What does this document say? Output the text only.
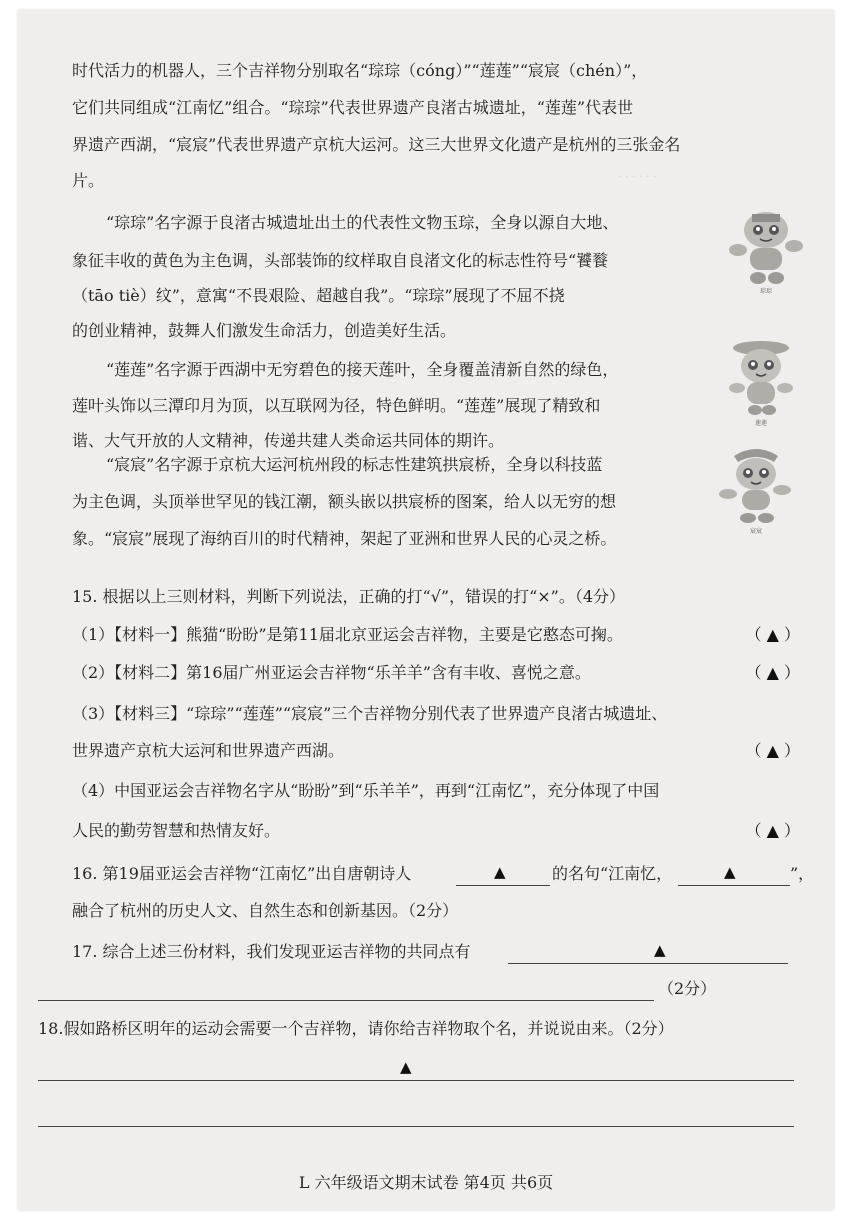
· · · · · ·
时代活力的机器人，三个吉祥物分别取名“琮琮（cóng）”“莲莲”“宸宸（chén）”，
它们共同组成“江南忆”组合。“琮琮”代表世界遗产良渚古城遗址，“莲莲”代表世
界遗产西湖，“宸宸”代表世界遗产京杭大运河。这三大世界文化遗产是杭州的三张金名
片。
“琮琮”名字源于良渚古城遗址出土的代表性文物玉琮，全身以源自大地、
象征丰收的黄色为主色调，头部装饰的纹样取自良渚文化的标志性符号“饕餮
（tāo tiè）纹”，意寓“不畏艰险、超越自我”。“琮琮”展现了不屈不挠
的创业精神，鼓舞人们激发生命活力，创造美好生活。
琮琮
“莲莲”名字源于西湖中无穷碧色的接天莲叶，全身覆盖清新自然的绿色，
莲叶头饰以三潭印月为顶，以互联网为径，特色鲜明。“莲莲”展现了精致和
谐、大气开放的人文精神，传递共建人类命运共同体的期许。
莲莲
“宸宸”名字源于京杭大运河杭州段的标志性建筑拱宸桥，全身以科技蓝
为主色调，头顶举世罕见的钱江潮，额头嵌以拱宸桥的图案，给人以无穷的想
象。“宸宸”展现了海纳百川的时代精神，架起了亚洲和世界人民的心灵之桥。	宸宸
15. 根据以上三则材料，判断下列说法，正确的打“√”，错误的打“×”。（4分）
（1）【材料一】熊猫“盼盼”是第11届北京亚运会吉祥物，主要是它憨态可掬。	（ ▲ ）
（2）【材料二】第16届广州亚运会吉祥物“乐羊羊”含有丰收、喜悦之意。	（ ▲ ）
（3）【材料三】“琮琮”“莲莲”“宸宸”三个吉祥物分别代表了世界遗产良渚古城遗址、
世界遗产京杭大运河和世界遗产西湖。	（ ▲ ）
（4）中国亚运会吉祥物名字从“盼盼”到“乐羊羊”，再到“江南忆”，充分体现了中国
人民的勤劳智慧和热情友好。	（ ▲ ）
16. 第19届亚运会吉祥物“江南忆”出自唐朝诗人	▲	的名句“江南忆，	▲	”，
融合了杭州的历史人文、自然生态和创新基因。（2分）
17. 综合上述三份材料，我们发现亚运吉祥物的共同点有	▲
（2分）
18.假如路桥区明年的运动会需要一个吉祥物，请你给吉祥物取个名，并说说由来。（2分）
▲
L 六年级语文期末试卷 第4页 共6页
